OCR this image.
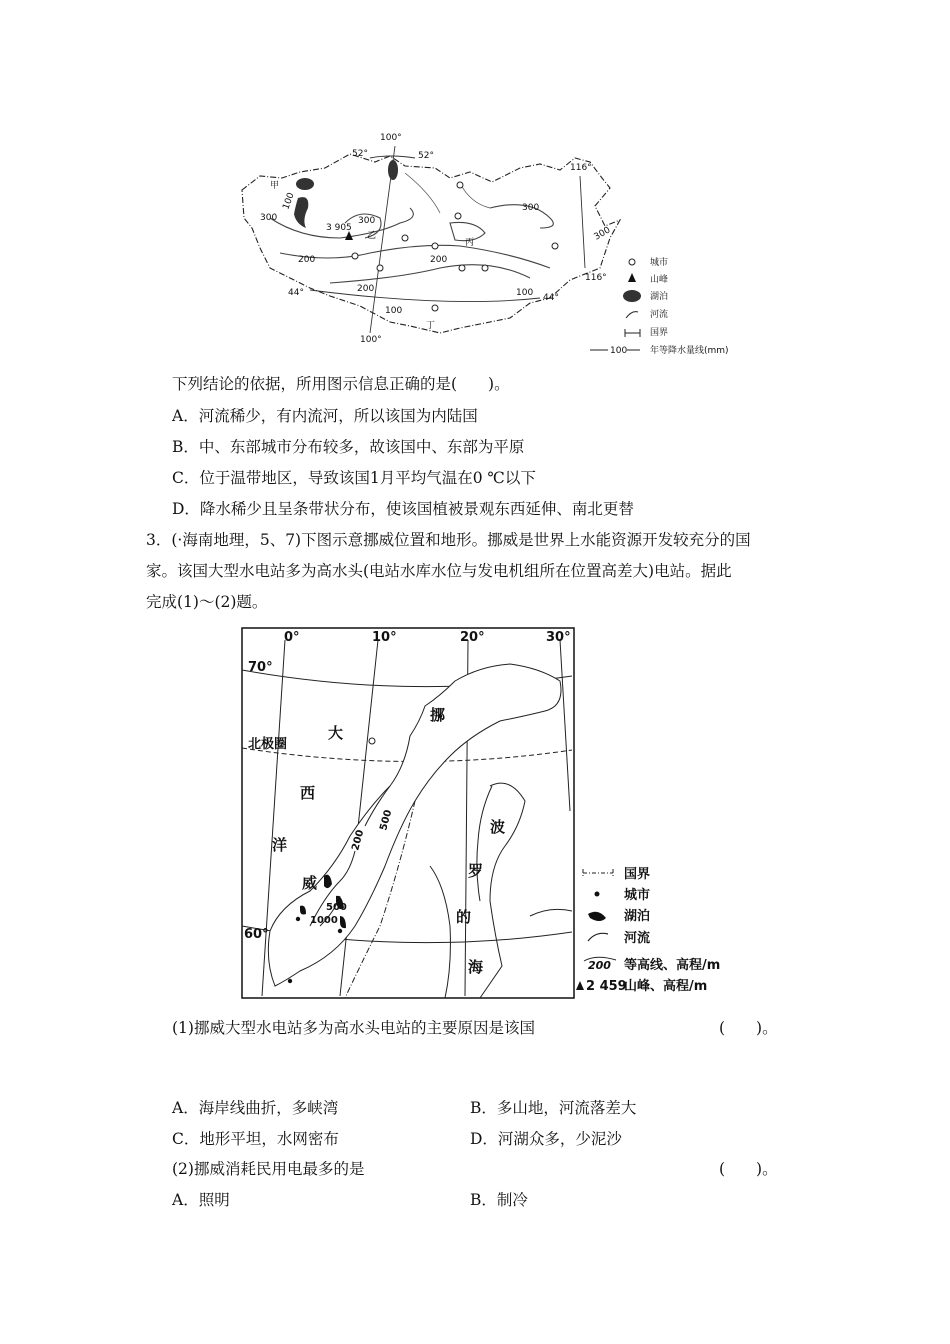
100°
52°	52°
116°
116°
44°	44°
100°
甲
乙
丙
丁
3 905
100
300	300
300
300
200	200
200
100
100
城市
山峰
湖泊
河流
国界
100	年等降水量线(mm)
下列结论的依据，所用图示信息正确的是(　　)。
A．河流稀少，有内流河，所以该国为内陆国
B．中、东部城市分布较多，故该国中、东部为平原
C．位于温带地区，导致该国1月平均气温在0 ℃以下
D．降水稀少且呈条带状分布，使该国植被景观东西延伸、南北更替
3．(·海南地理，5、7)下图示意挪威位置和地形。挪威是世界上水能资源开发较充分的国
家。该国大型水电站多为高水头(电站水库水位与发电机组所在位置高差大)电站。据此
完成(1)～(2)题。
0°	10°	20°	30°
70°
60°
北极圈
大
西
洋
挪
威
波
罗
的
海
500
200
500
1000
国界
城市
湖泊
河流
200 等高线、高程/m
2 459
山峰、高程/m
(1)挪威大型水电站多为高水头电站的主要原因是该国	(　　)。
A．海岸线曲折，多峡湾	B．多山地，河流落差大
C．地形平坦，水网密布	D．河湖众多，少泥沙
(2)挪威消耗民用电最多的是	(　　)。
A．照明	B．制冷
